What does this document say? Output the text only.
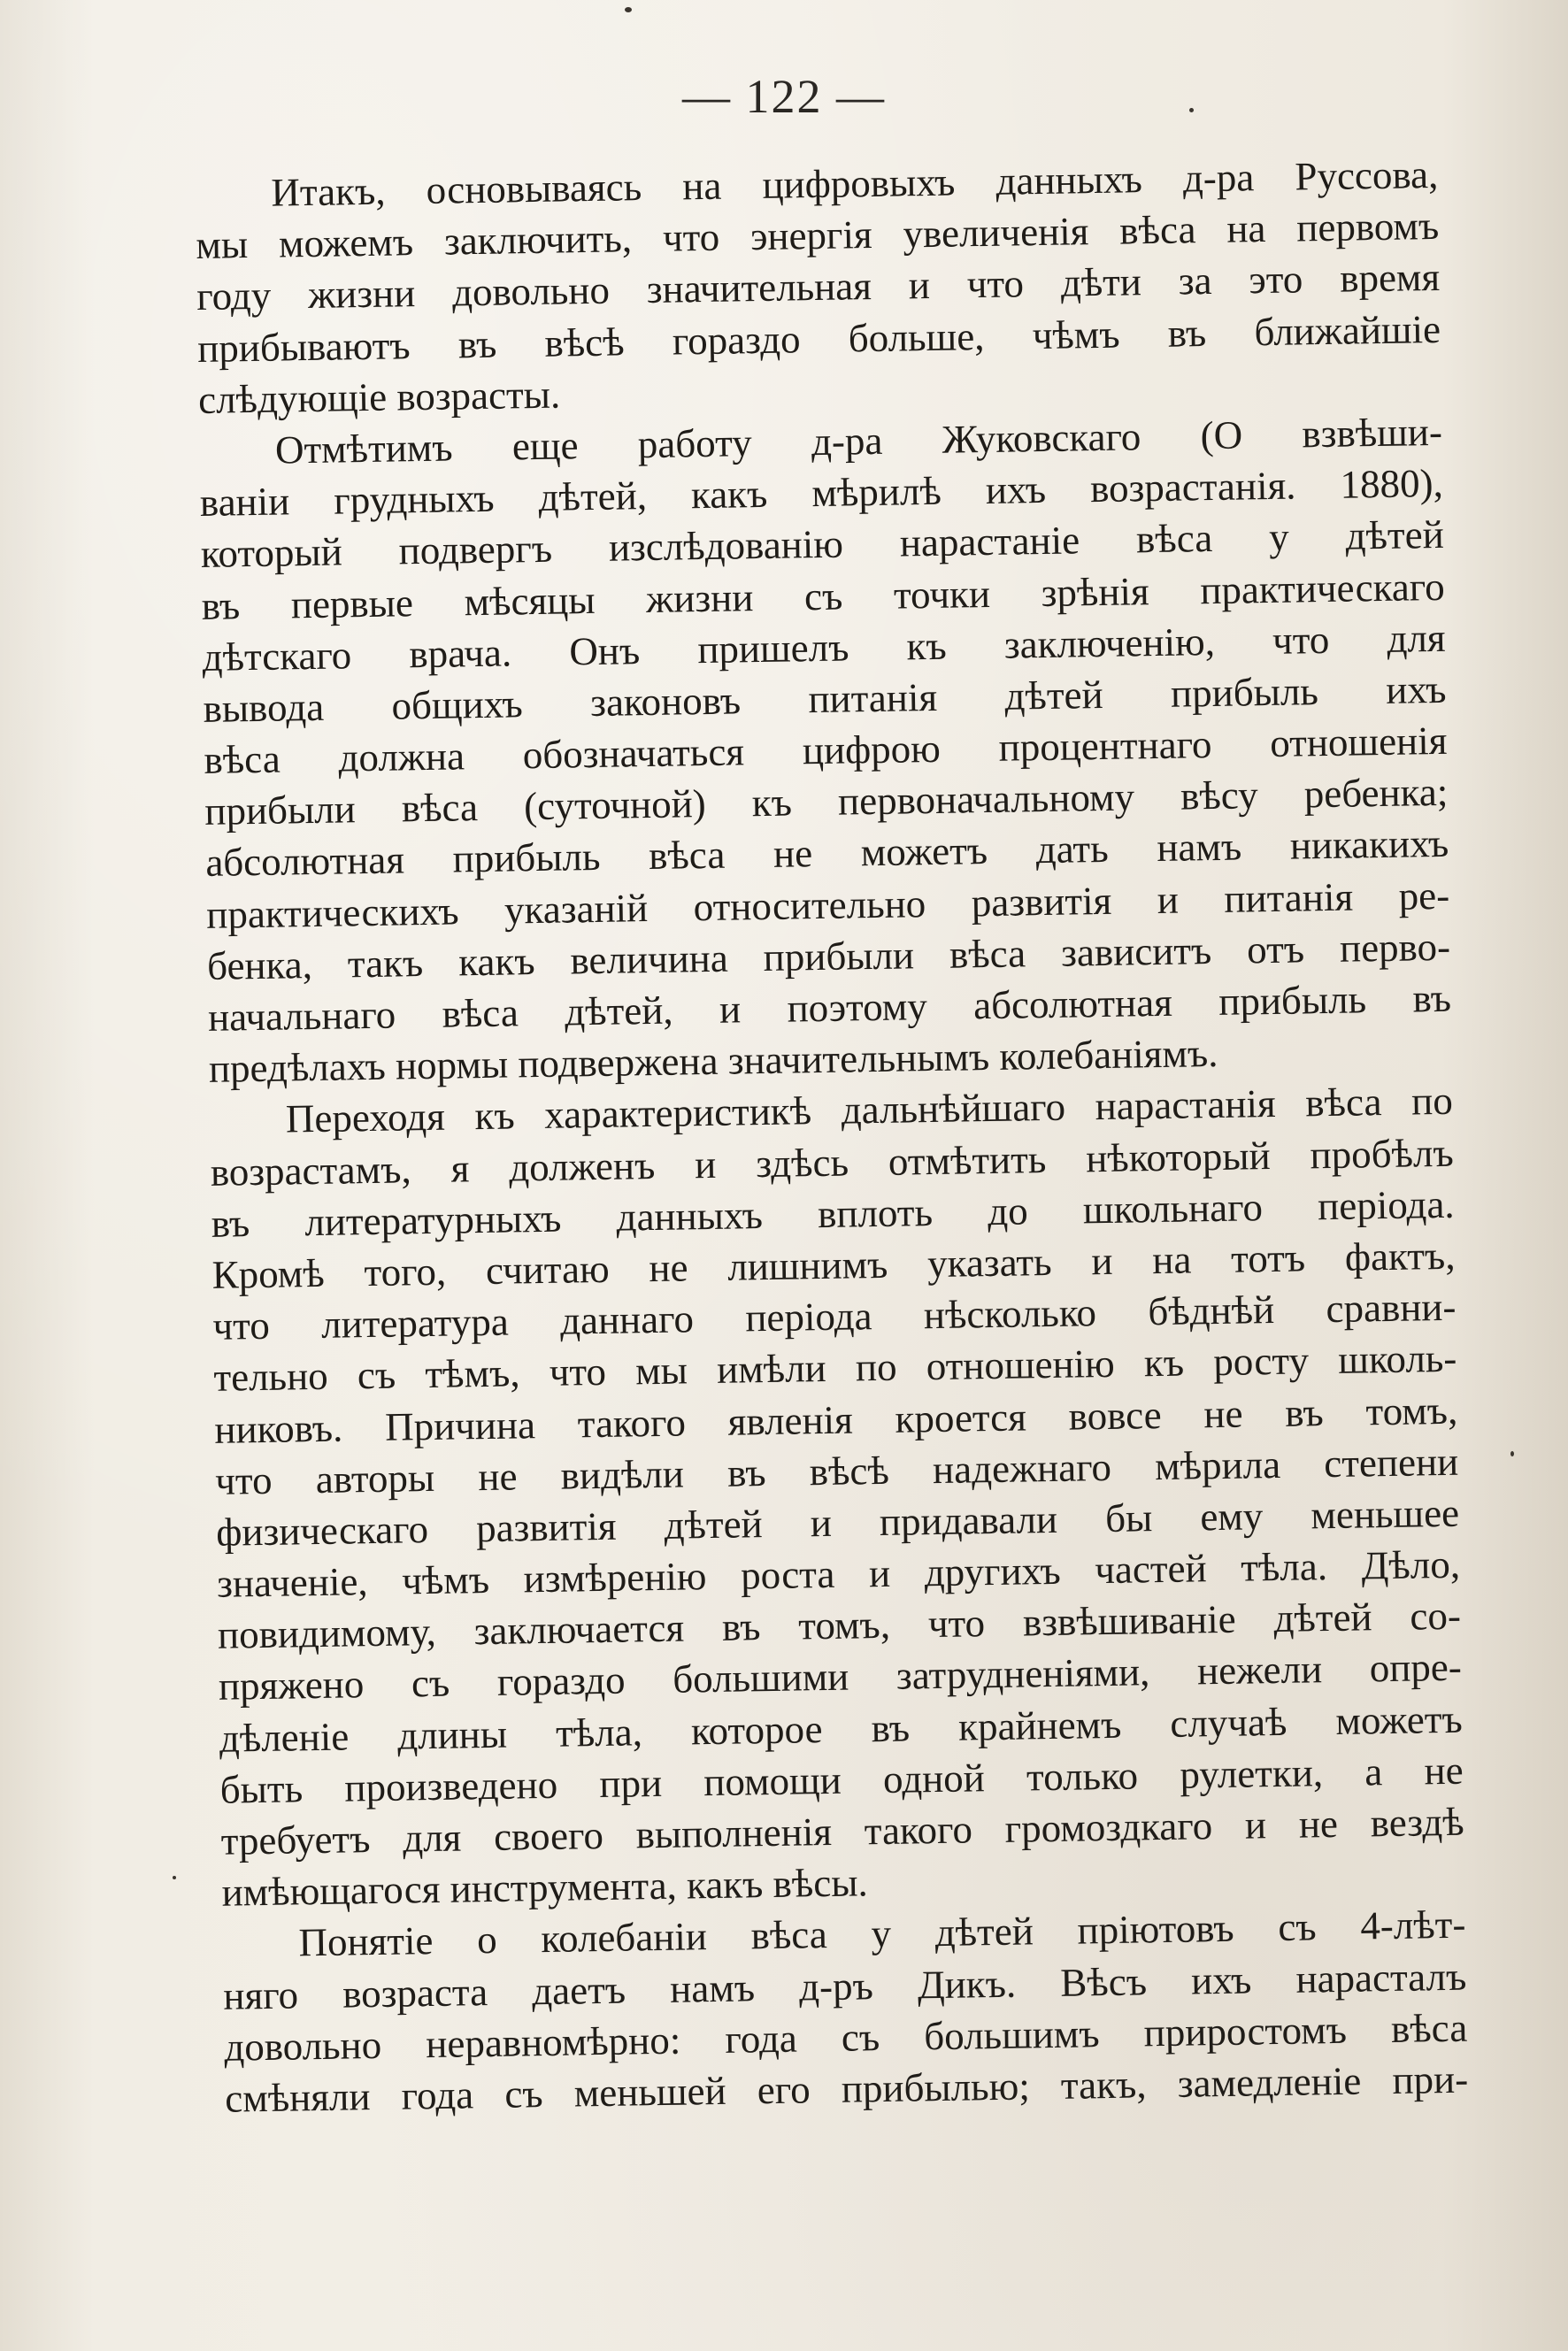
— 122 —
Итакъ, основываясь на цифровыхъ данныхъ д-ра Руссова,
мы можемъ заключить, что энергія увеличенія вѣса на первомъ
году жизни довольно значительная и что дѣти за это время
прибываютъ въ вѣсѣ гораздо больше, чѣмъ въ ближайшіе
слѣдующіе возрасты.
Отмѣтимъ еще работу д-ра Жуковскаго (О взвѣши-
ваніи грудныхъ дѣтей, какъ мѣрилѣ ихъ возрастанія. 1880),
который подвергъ изслѣдованію нарастаніе вѣса у дѣтей
въ первые мѣсяцы жизни съ точки зрѣнія практическаго
дѣтскаго врача. Онъ пришелъ къ заключенію, что для
вывода общихъ законовъ питанія дѣтей прибыль ихъ
вѣса должна обозначаться цифрою процентнаго отношенія
прибыли вѣса (суточной) къ первоначальному вѣсу ребенка;
абсолютная прибыль вѣса не можетъ дать намъ никакихъ
практическихъ указаній относительно развитія и питанія ре-
бенка, такъ какъ величина прибыли вѣса зависитъ отъ перво-
начальнаго вѣса дѣтей, и поэтому абсолютная прибыль въ
предѣлахъ нормы подвержена значительнымъ колебаніямъ.
Переходя къ характеристикѣ дальнѣйшаго нарастанія вѣса по
возрастамъ, я долженъ и здѣсь отмѣтить нѣкоторый пробѣлъ
въ литературныхъ данныхъ вплоть до школьнаго періода.
Кромѣ того, считаю не лишнимъ указать и на тотъ фактъ,
что литература даннаго періода нѣсколько бѣднѣй сравни-
тельно съ тѣмъ, что мы имѣли по отношенію къ росту школь-
никовъ. Причина такого явленія кроется вовсе не въ томъ,
что авторы не видѣли въ вѣсѣ надежнаго мѣрила степени
физическаго развитія дѣтей и придавали бы ему меньшее
значеніе, чѣмъ измѣренію роста и другихъ частей тѣла. Дѣло,
повидимому, заключается въ томъ, что взвѣшиваніе дѣтей со-
пряжено съ гораздо большими затрудненіями, нежели опре-
дѣленіе длины тѣла, которое въ крайнемъ случаѣ можетъ
быть произведено при помощи одной только рулетки, а не
требуетъ для своего выполненія такого громоздкаго и не вездѣ
имѣющагося инструмента, какъ вѣсы.
Понятіе о колебаніи вѣса у дѣтей пріютовъ съ 4-лѣт-
няго возраста даетъ намъ д-ръ Дикъ. Вѣсъ ихъ нарасталъ
довольно неравномѣрно: года съ большимъ приростомъ вѣса
смѣняли года съ меньшей его прибылью; такъ, замедленіе при-
